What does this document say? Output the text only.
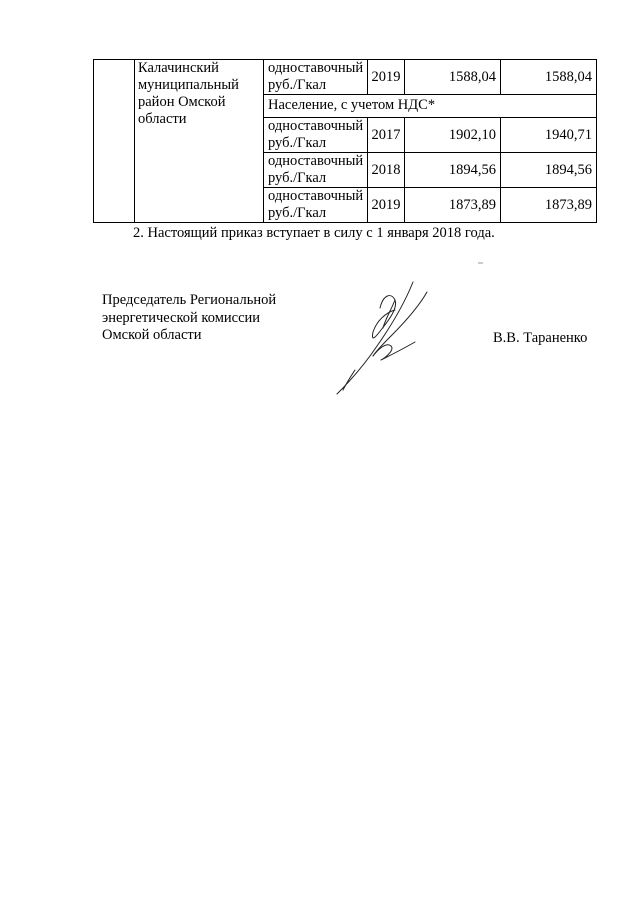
	Калачинский муниципальный район Омской области	одноставочный руб./Гкал	2019	1588,04	1588,04
		Население, с учетом НДС*			
		одноставочный руб./Гкал	2017	1902,10	1940,71
		одноставочный руб./Гкал	2018	1894,56	1894,56
		одноставочный руб./Гкал	2019	1873,89	1873,89
2. Настоящий приказ вступает в силу с 1 января 2018 года.
Председатель Региональной
энергетической комиссии
Омской области	В.В. Тараненко
